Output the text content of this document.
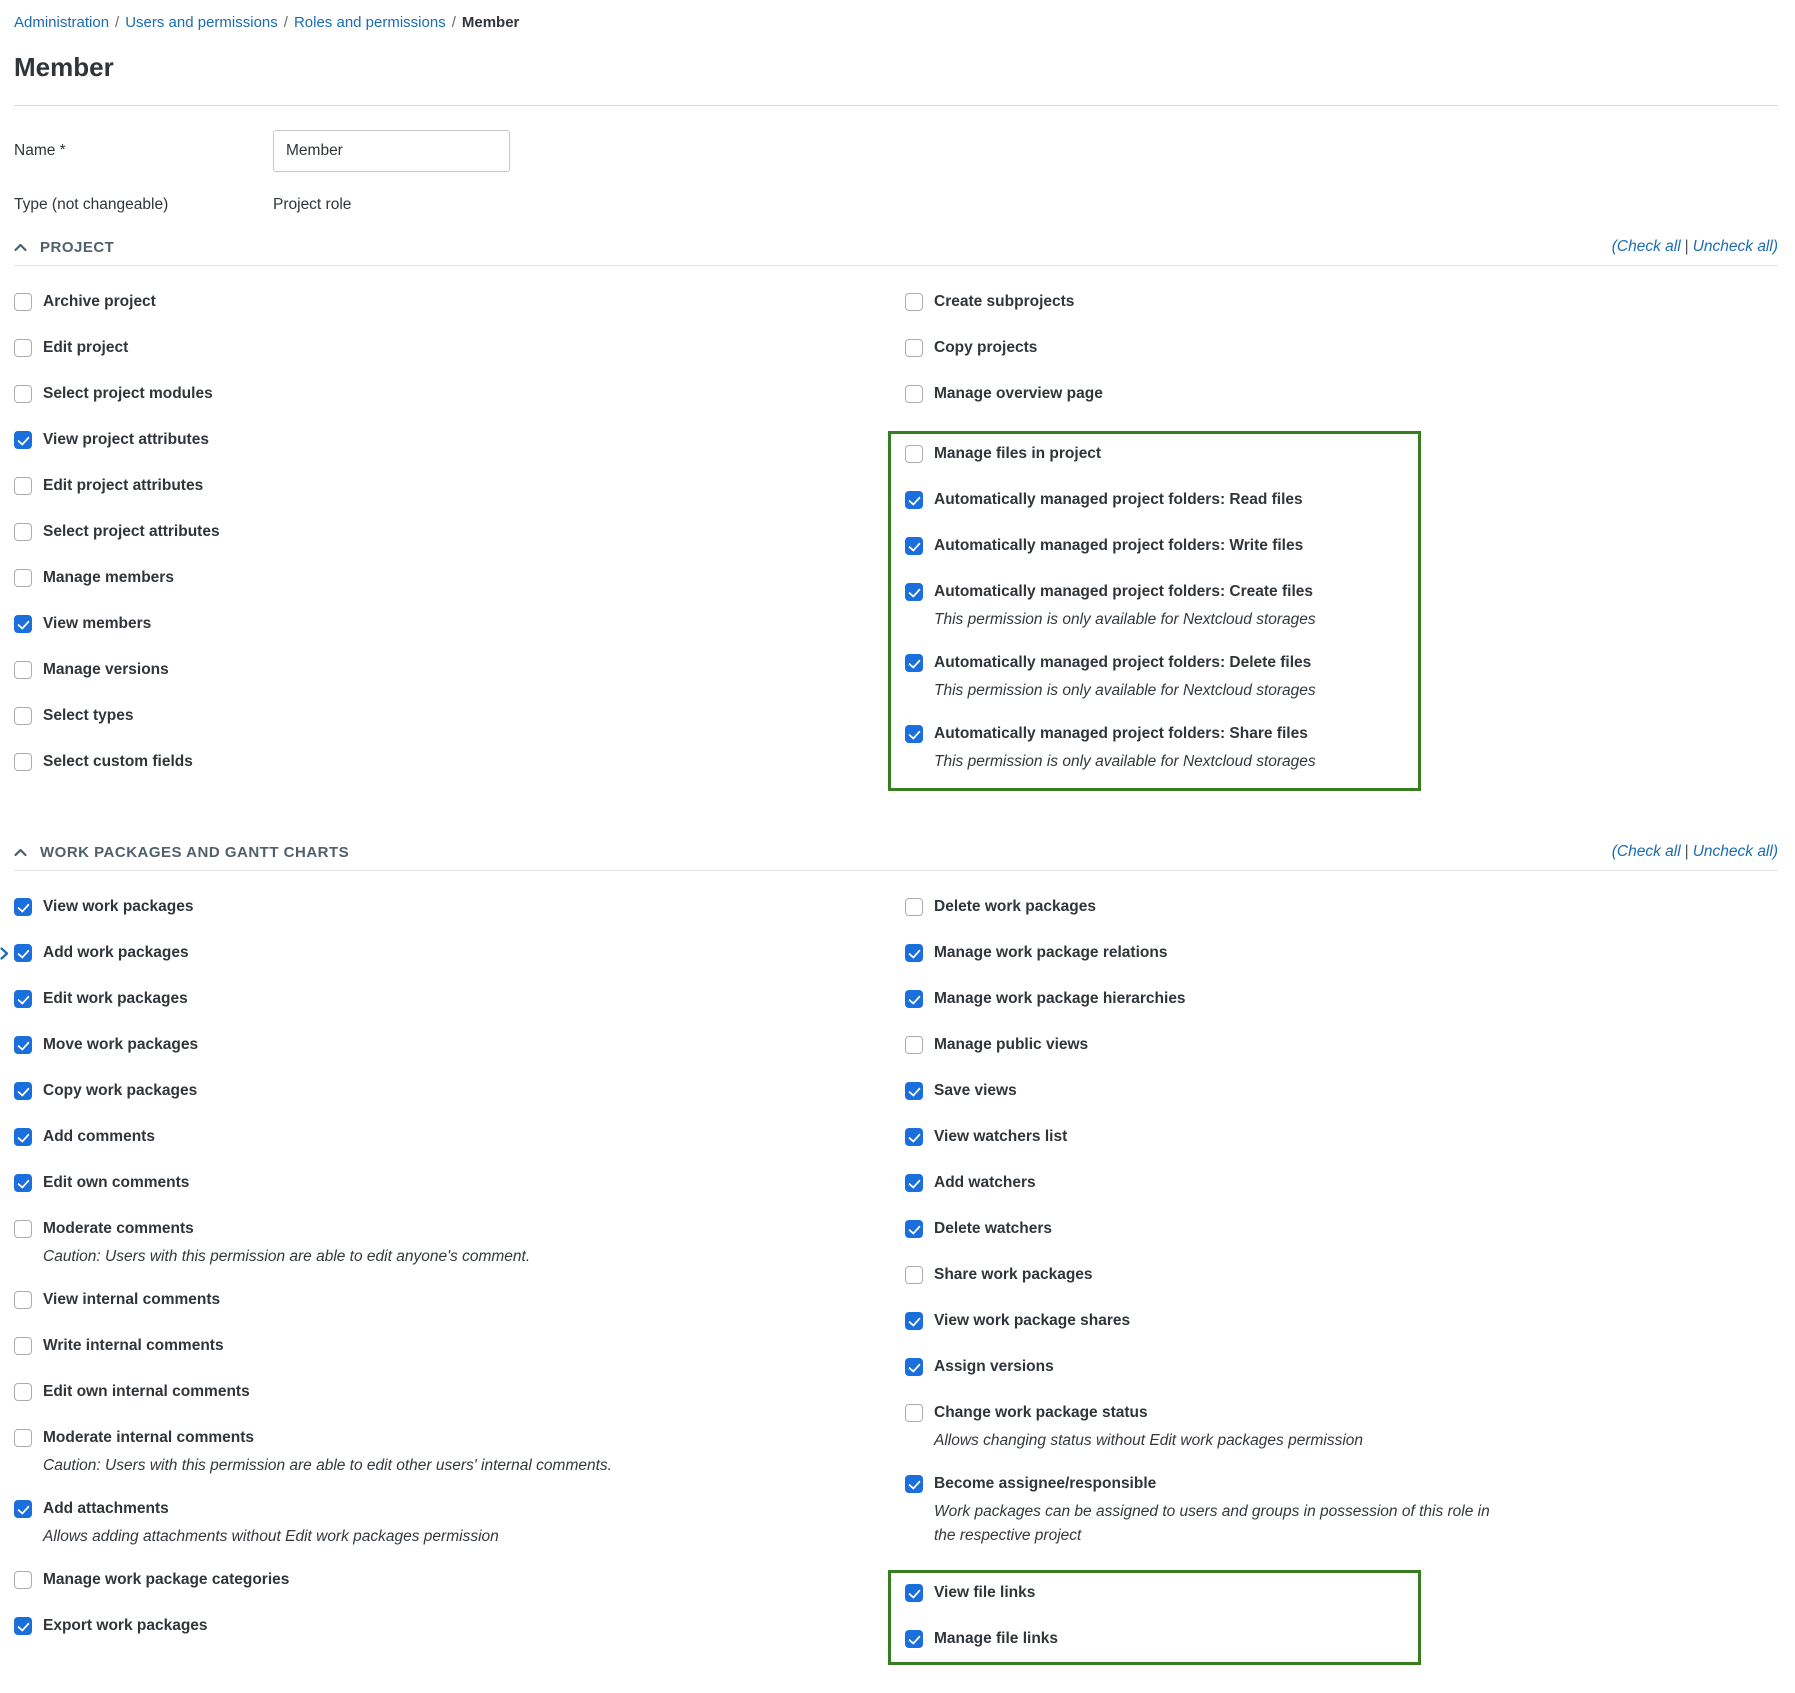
Administration / Users and permissions / Roles and permissions / Member
Member
Name *
Member
Type (not changeable)	Project role
PROJECT	(Check all | Uncheck all)
Archive project
Edit project
Select project modules
View project attributes
Edit project attributes
Select project attributes
Manage members
View members
Manage versions
Select types
Select custom fields
Create subprojects
Copy projects
Manage overview page
Manage files in project
Automatically managed project folders: Read files
Automatically managed project folders: Write files
Automatically managed project folders: Create files
This permission is only available for Nextcloud storages
Automatically managed project folders: Delete files
This permission is only available for Nextcloud storages
Automatically managed project folders: Share files
This permission is only available for Nextcloud storages
WORK PACKAGES AND GANTT CHARTS	(Check all | Uncheck all)
View work packages
Add work packages
Edit work packages
Move work packages
Copy work packages
Add comments
Edit own comments
Moderate comments
Caution: Users with this permission are able to edit anyone's comment.
View internal comments
Write internal comments
Edit own internal comments
Moderate internal comments
Caution: Users with this permission are able to edit other users' internal comments.
Add attachments
Allows adding attachments without Edit work packages permission
Manage work package categories
Export work packages
Delete work packages
Manage work package relations
Manage work package hierarchies
Manage public views
Save views
View watchers list
Add watchers
Delete watchers
Share work packages
View work package shares
Assign versions
Change work package status
Allows changing status without Edit work packages permission
Become assignee/responsible
Work packages can be assigned to users and groups in possession of this role in the respective project
View file links
Manage file links
